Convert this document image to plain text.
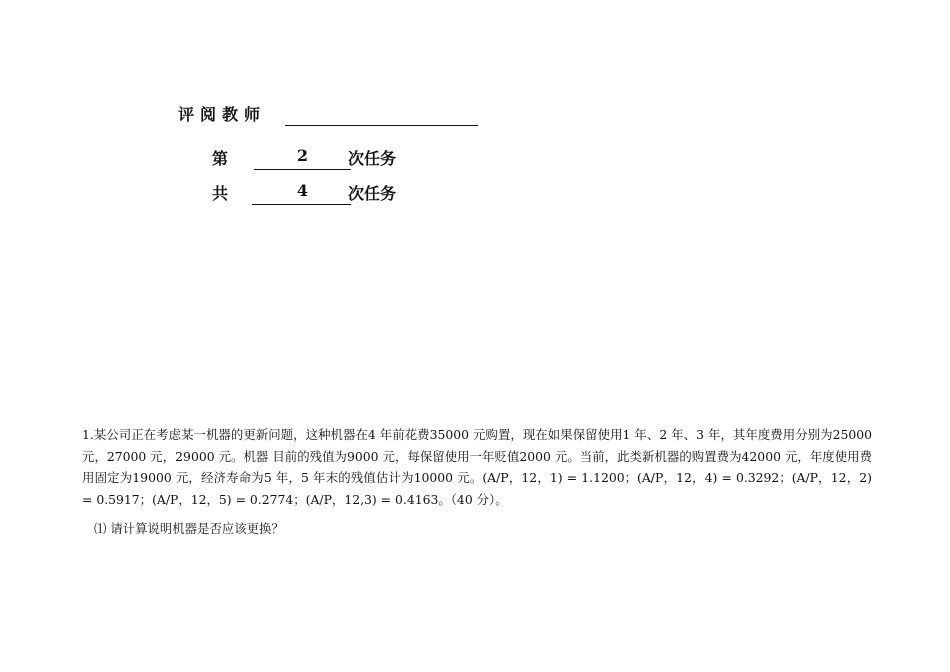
评阅教师
第	2	次任务
共	4	次任务
1.某公司正在考虑某一机器的更新问题，这种机器在4 年前花费35000 元购置，现在如果保留使用1 年、2 年、3 年，其年度费用分别为25000 元，27000 元，29000 元。机器 目前的残值为9000 元，每保留使用一年贬值2000 元。当前，此类新机器的购置费为42000 元，年度使用费用固定为19000 元，经济寿命为5 年，5 年末的残值估计为10000 元。(A/P，12，1) = 1.1200；(A/P，12，4) = 0.3292；(A/P，12，2) = 0.5917；(A/P，12，5) = 0.2774；(A/P，12,3) = 0.4163。（40 分）。
⑴ 请计算说明机器是否应该更换？
